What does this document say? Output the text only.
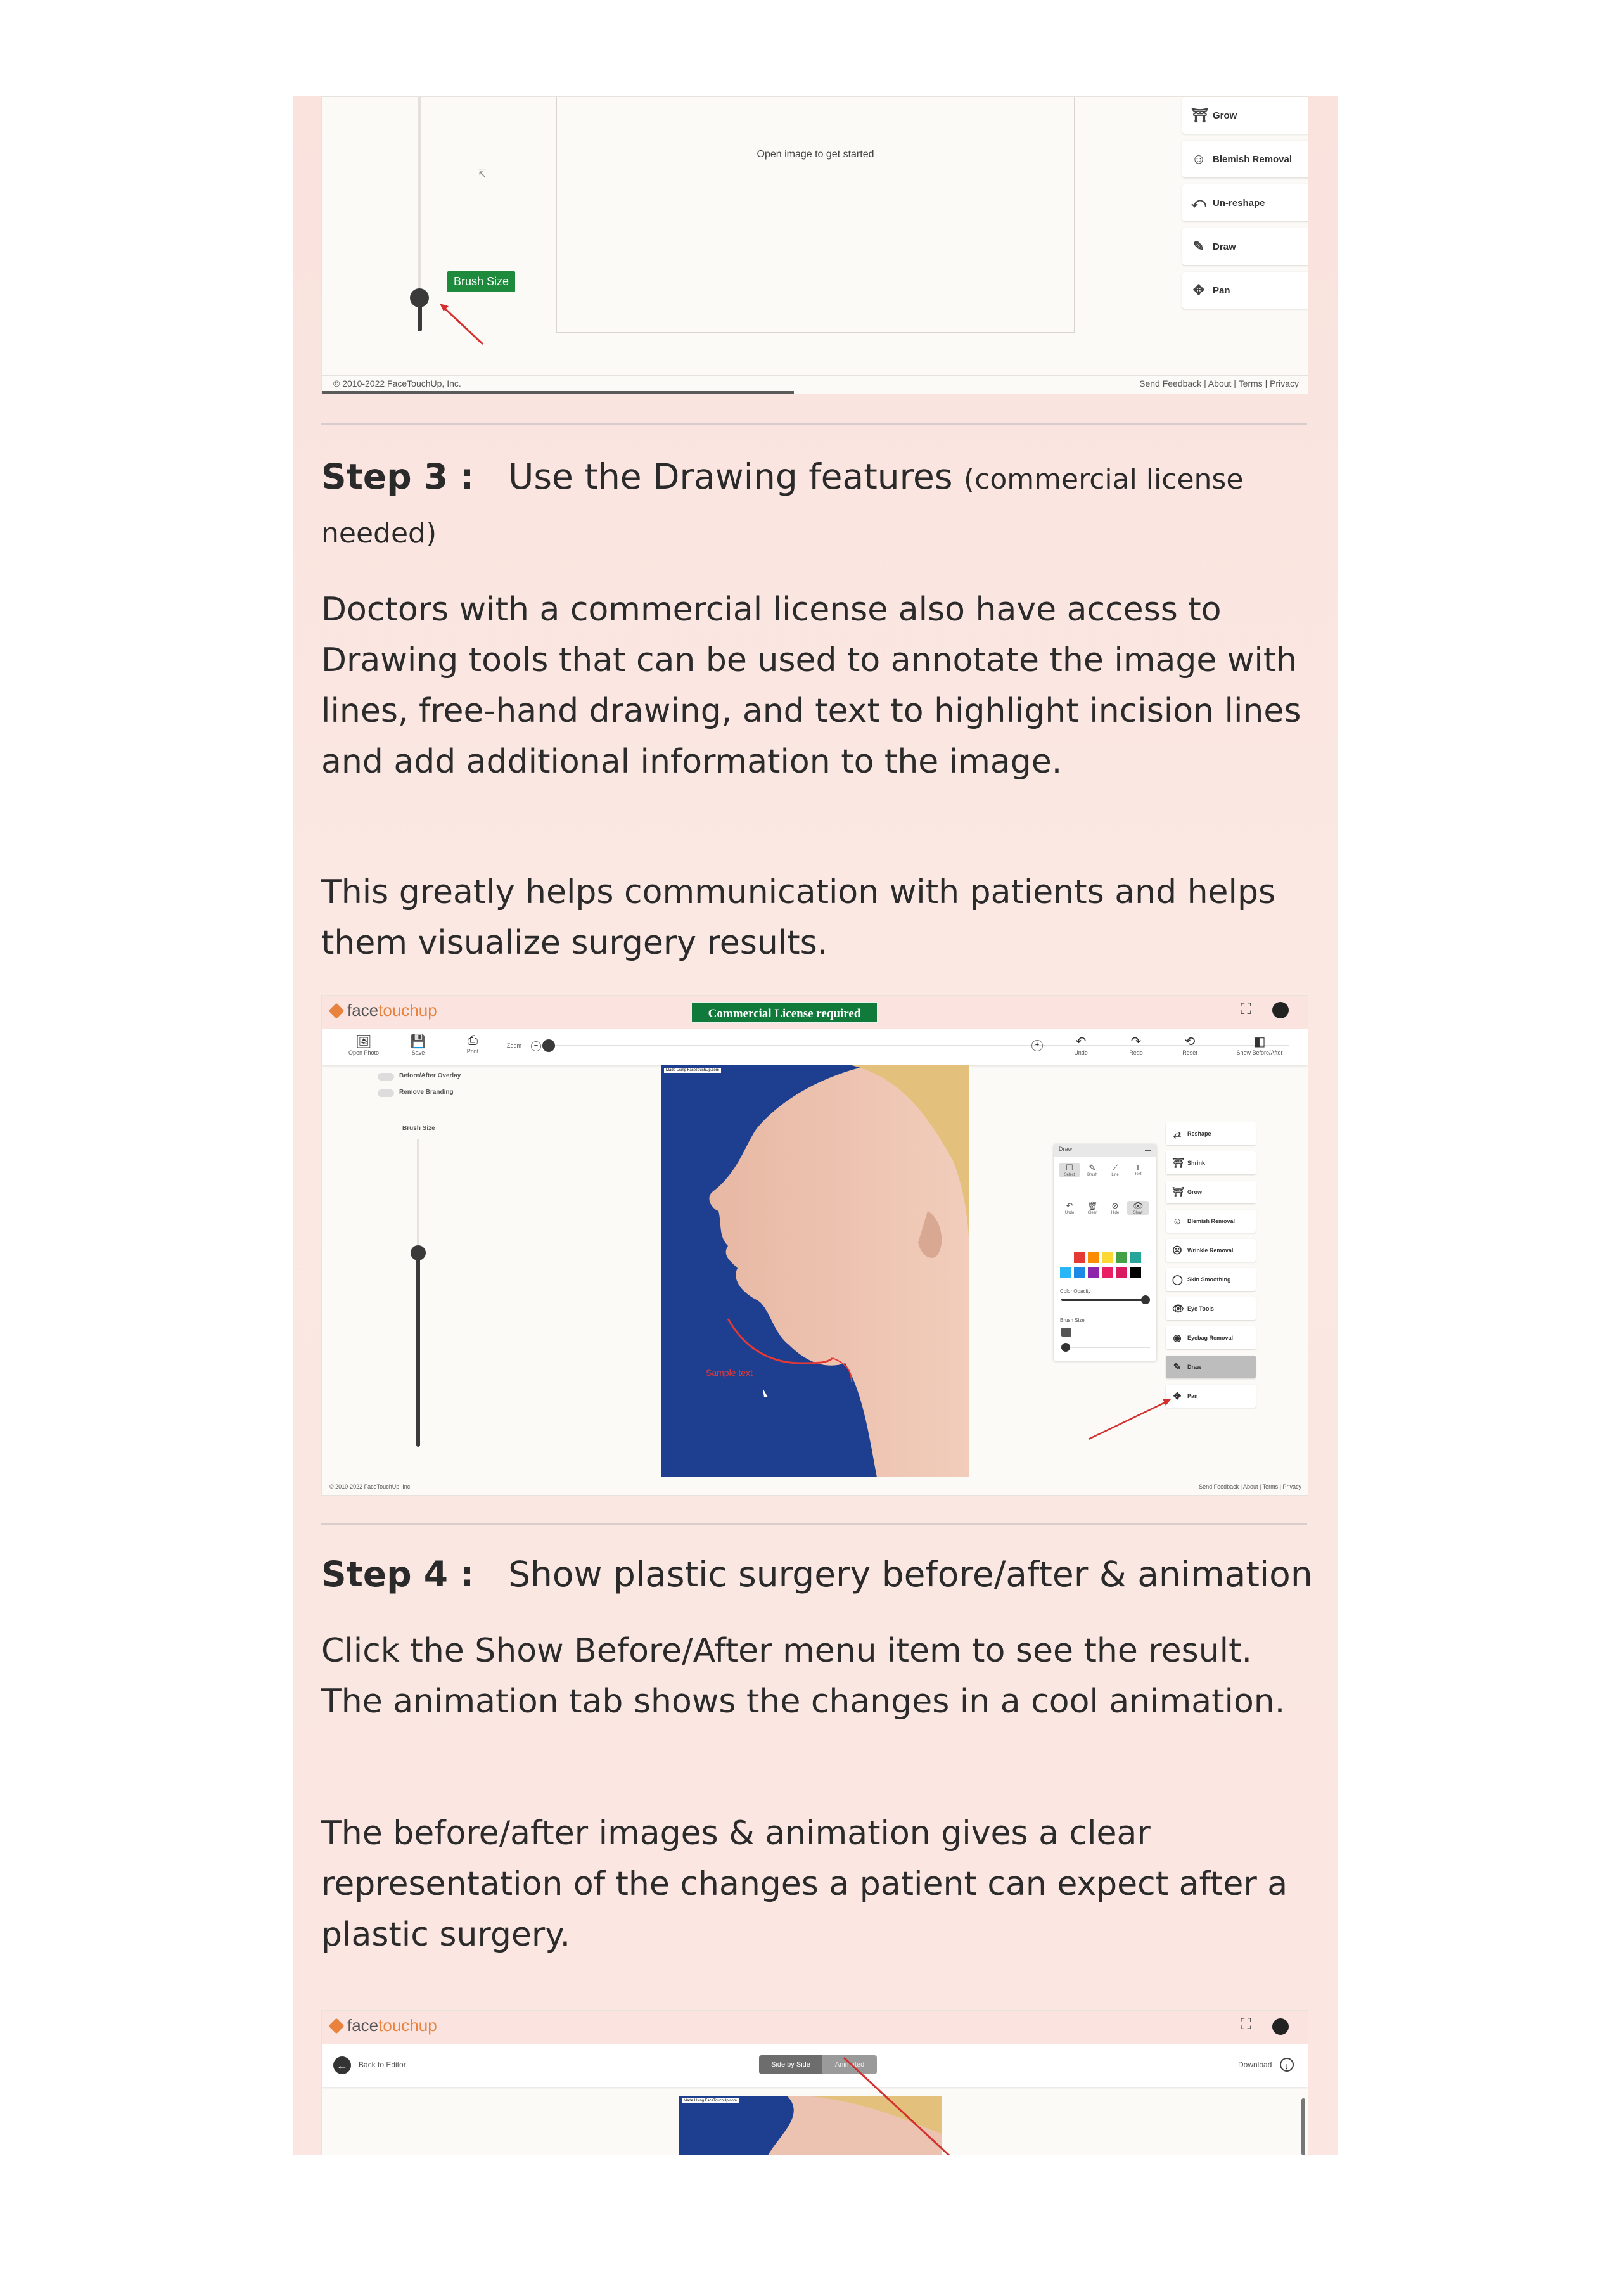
Brush Size
⇱
Open image to get started
⛩ Grow
☺ Blemish Removal
⤺ Un-reshape
✎ Draw
✥ Pan
© 2010-2022 FaceTouchUp, Inc.	Send Feedback | About | Terms | Privacy
Step 3 : Use the Drawing features (commercial license needed)
Doctors with a commercial license also have access to Drawing tools that can be used to annotate the image with lines, free-hand drawing, and text to highlight incision lines and add additional information to the image.
This greatly helps communication with patients and helps them visualize surgery results.
facetouchup	Commercial License required	⛶
🖼
Open Photo
💾
Save
⎙
Print
Zoom	−	+	↶
Undo
↷
Redo
⟲
Reset
◧
Show Before/After
Before/After Overlay
Remove Branding
Brush Size
Made Using FaceTouchUp.com
Sample text
Draw
☐
Select
✎
Brush
⟋
Line
T
Text
↶
Undo
🗑
Clear
⊘
Hide
👁
Show
Color Opacity
Brush Size
⥄ Reshape
⛩ Shrink
⛩ Grow
☺ Blemish Removal
☹ Wrinkle Removal
◯ Skin Smoothing
👁 Eye Tools
◉ Eyebag Removal
✎ Draw
✥ Pan
© 2010-2022 FaceTouchUp, Inc.	Send Feedback | About | Terms | Privacy
Step 4 : Show plastic surgery before/after & animation
Click the Show Before/After menu item to see the result. The animation tab shows the changes in a cool animation.
The before/after images & animation gives a clear representation of the changes a patient can expect after a plastic surgery.
facetouchup	⛶
←	Back to Editor	Side by Side	Animated	Download	↓
Made Using FaceTouchUp.com
